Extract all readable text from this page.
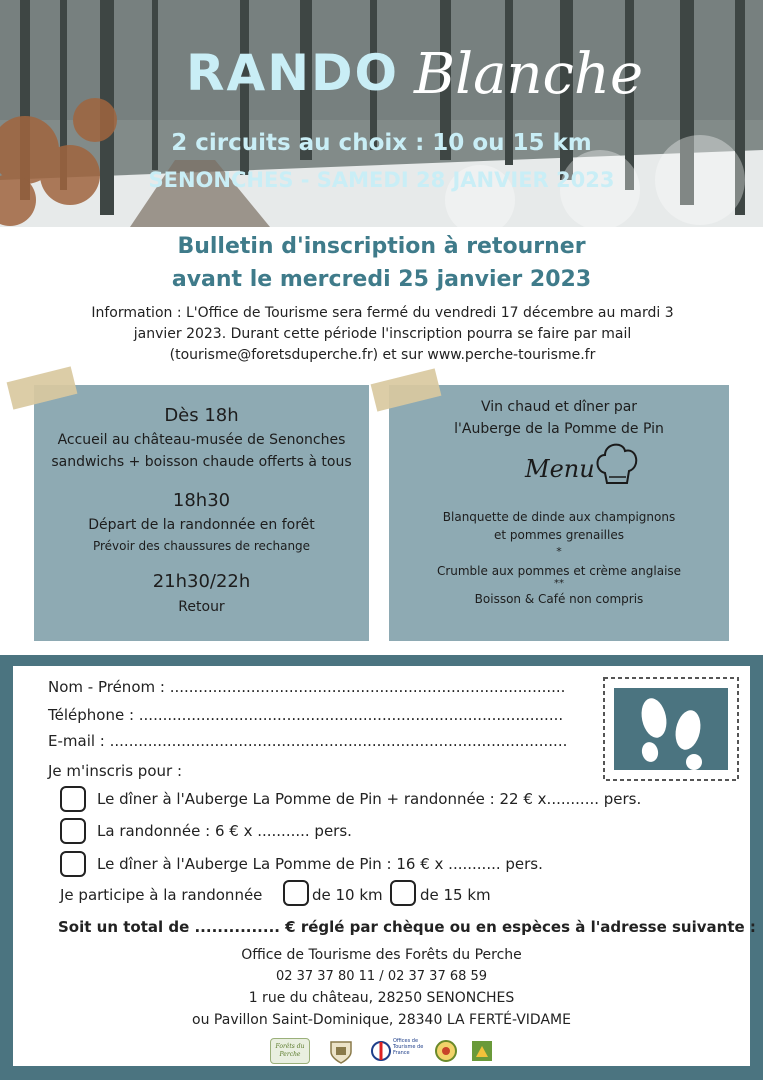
RANDO Blanche
2 circuits au choix : 10 ou 15 km
SENONCHES - SAMEDI 28 JANVIER 2023
Bulletin d'inscription à retourner
avant le mercredi 25 janvier 2023
Information : L'Office de Tourisme sera fermé du vendredi 17 décembre au mardi 3
janvier 2023. Durant cette période l'inscription pourra se faire par mail
(tourisme@foretsduperche.fr) et sur www.perche-tourisme.fr
Dès 18h
Accueil au château-musée de Senonches
sandwichs + boisson chaude offerts à tous
18h30
Départ de la randonnée en forêt
Prévoir des chaussures de rechange
21h30/22h
Retour
Vin chaud et dîner par
l'Auberge de la Pomme de Pin
Menu
Blanquette de dinde aux champignons
et pommes grenailles
*
Crumble aux pommes et crème anglaise
**
Boisson & Café non compris
Nom - Prénom : ...................................................................................
Téléphone : .........................................................................................
E-mail : ................................................................................................
Je m'inscris pour :
Le dîner à l'Auberge La Pomme de Pin + randonnée : 22 € x........... pers.
La randonnée : 6 € x ........... pers.
Le dîner à l'Auberge La Pomme de Pin : 16 € x ........... pers.
Je participe à la randonnée	de 10 km de 15 km
Soit un total de ............... € réglé par chèque ou en espèces à l'adresse suivante :
Office de Tourisme des Forêts du Perche
02 37 37 80 11 / 02 37 37 68 59
1 rue du château, 28250 SENONCHES
ou Pavillon Saint-Dominique, 28340 LA FERTÉ-VIDAME
Forêts du Perche
Offices de Tourisme de France
